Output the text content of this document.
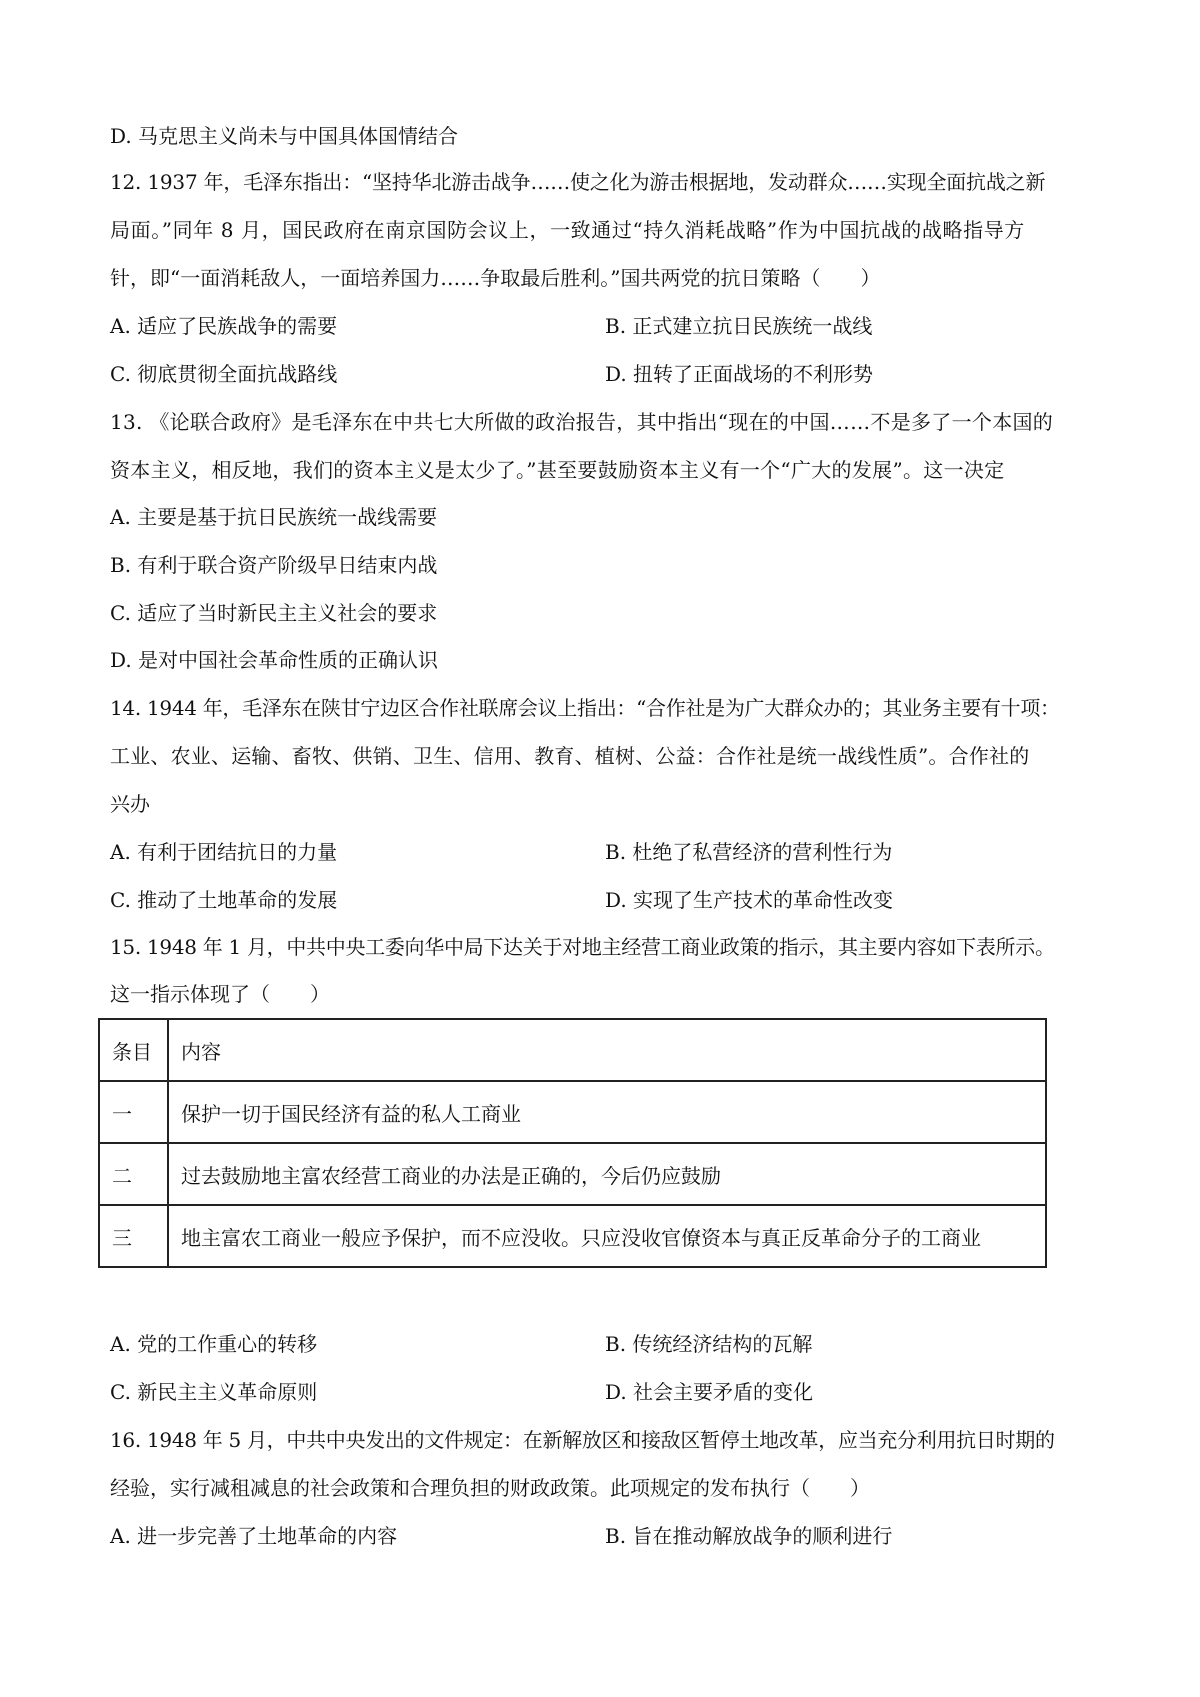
D. 马克思主义尚未与中国具体国情结合
12. 1937 年，毛泽东指出：“坚持华北游击战争……使之化为游击根据地，发动群众……实现全面抗战之新
局面。”同年 8 月，国民政府在南京国防会议上，一致通过“持久消耗战略”作为中国抗战的战略指导方
针，即“一面消耗敌人，一面培养国力……争取最后胜利。”国共两党的抗日策略（　　）
A. 适应了民族战争的需要	B. 正式建立抗日民族统一战线
C. 彻底贯彻全面抗战路线	D. 扭转了正面战场的不利形势
13. 《论联合政府》是毛泽东在中共七大所做的政治报告，其中指出“现在的中国……不是多了一个本国的
资本主义，相反地，我们的资本主义是太少了。”甚至要鼓励资本主义有一个“广大的发展”。这一决定
A. 主要是基于抗日民族统一战线需要
B. 有利于联合资产阶级早日结束内战
C. 适应了当时新民主主义社会的要求
D. 是对中国社会革命性质的正确认识
14. 1944 年，毛泽东在陕甘宁边区合作社联席会议上指出：“合作社是为广大群众办的；其业务主要有十项：
工业、农业、运输、畜牧、供销、卫生、信用、教育、植树、公益：合作社是统一战线性质”。合作社的
兴办
A. 有利于团结抗日的力量	B. 杜绝了私营经济的营利性行为
C. 推动了土地革命的发展	D. 实现了生产技术的革命性改变
15. 1948 年 1 月，中共中央工委向华中局下达关于对地主经营工商业政策的指示，其主要内容如下表所示。
这一指示体现了（　　）
条目	内容
一	保护一切于国民经济有益的私人工商业
二	过去鼓励地主富农经营工商业的办法是正确的，今后仍应鼓励
三	地主富农工商业一般应予保护，而不应没收。只应没收官僚资本与真正反革命分子的工商业
A. 党的工作重心的转移	B. 传统经济结构的瓦解
C. 新民主主义革命原则	D. 社会主要矛盾的变化
16. 1948 年 5 月，中共中央发出的文件规定：在新解放区和接敌区暂停土地改革，应当充分利用抗日时期的
经验，实行减租减息的社会政策和合理负担的财政政策。此项规定的发布执行（　　）
A. 进一步完善了土地革命的内容	B. 旨在推动解放战争的顺利进行
